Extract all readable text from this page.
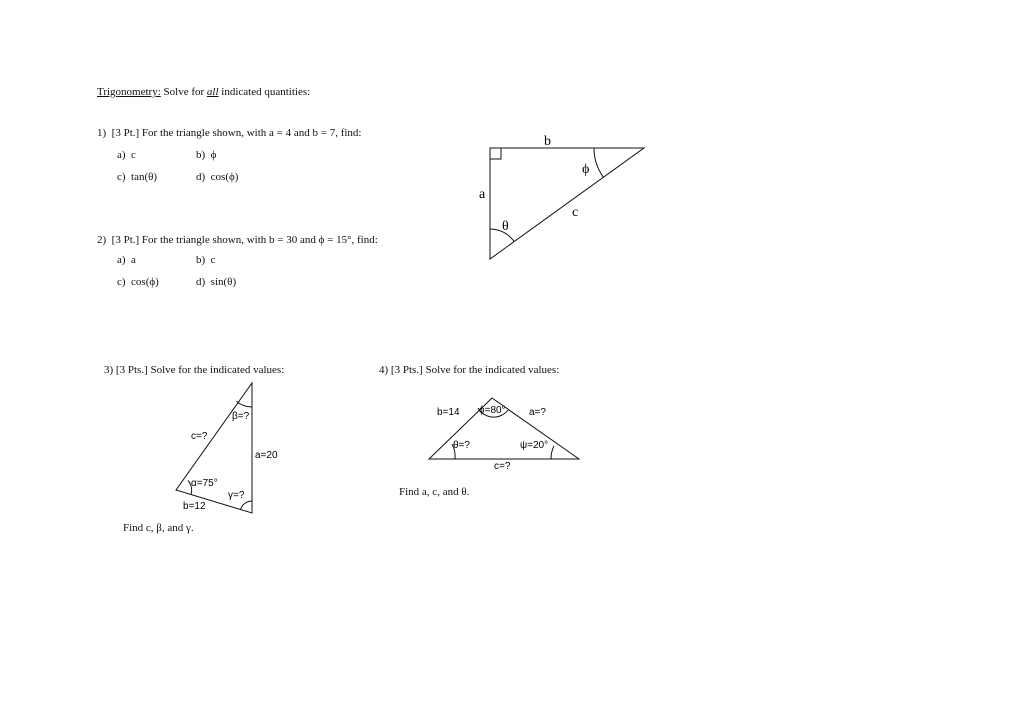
Trigonometry: Solve for all indicated quantities:
1) [3 Pt.] For the triangle shown, with a = 4 and b = 7, find:
a) c	b) ϕ
c) tan(θ)	d) cos(ϕ)
2) [3 Pt.] For the triangle shown, with b = 30 and ϕ = 15°, find:
a) a	b) c
c) cos(ϕ)	d) sin(θ)
3) [3 Pts.] Solve for the indicated values:
Find c, β, and γ.
4) [3 Pts.] Solve for the indicated values:
Find a, c, and θ.
b
a
c
θ
ϕ
β=?
c=?
a=20
α=75°
γ=?
b=12
b=14 ϕ=80° a=?
θ=?	ψ=20°
c=?
